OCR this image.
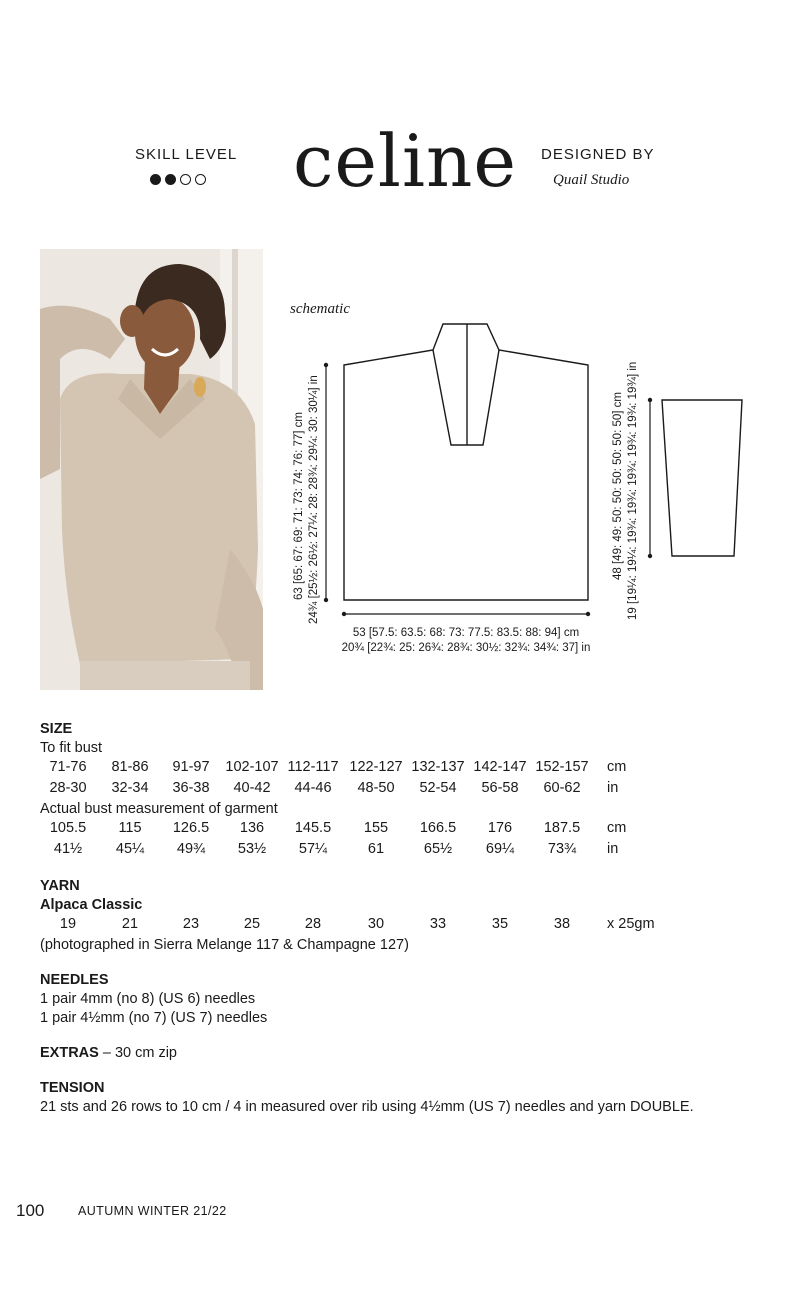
SKILL LEVEL celine DESIGNED BY
Quail Studio
schematic
63 [65: 67: 69: 71: 73: 74: 76: 77] cm 24¾ [25½: 26½: 27¼: 28: 28¾: 29¼: 30: 30¼] in
53 [57.5: 63.5: 68: 73: 77.5: 83.5: 88: 94] cm
20¾ [22¾: 25: 26¾: 28¾: 30½: 32¾: 34¾: 37] in
48 [49: 49: 50: 50: 50: 50: 50: 50] cm 19 [19¼: 19¼: 19¾: 19¾: 19¾: 19¾: 19¾: 19¾] in
SIZE
To fit bust
71-76 81-86 91-97 102-107 112-117 122-127 132-137 142-147 152-157 cm
28-30 32-34 36-38 40-42 44-46 48-50 52-54 56-58 60-62 in
Actual bust measurement of garment
105.5 115 126.5 136 145.5 155 166.5 176 187.5 cm
41½ 45¼ 49¾ 53½ 57¼	61	65½ 69¼ 73¾ in
YARN
Alpaca Classic
19	21	23	25	28	30	33	35	38	x 25gm
(photographed in Sierra Melange 117 & Champagne 127)
NEEDLES
1 pair 4mm (no 8) (US 6) needles
1 pair 4½mm (no 7) (US 7) needles
EXTRAS – 30 cm zip
TENSION
21 sts and 26 rows to 10 cm / 4 in measured over rib using 4½mm (US 7) needles and yarn DOUBLE.
100	AUTUMN WINTER 21/22
